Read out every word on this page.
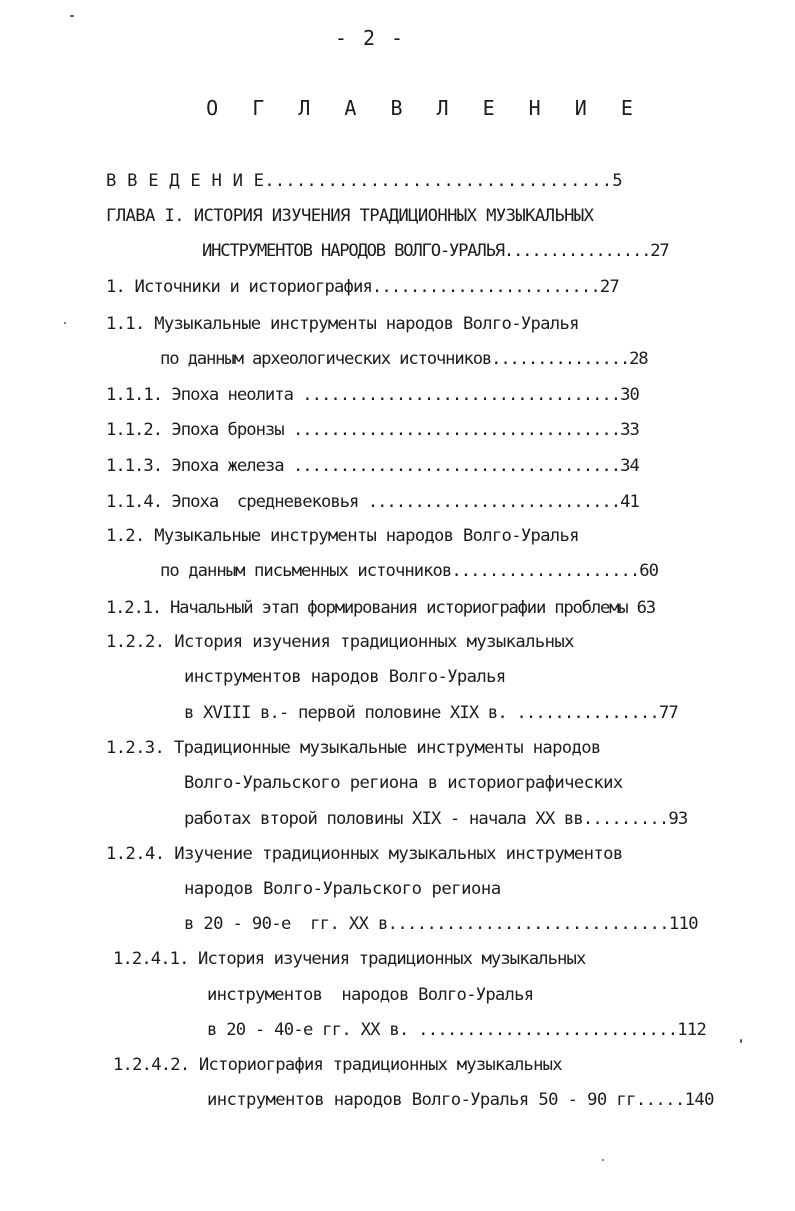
- 2 -
О Г Л А В Л Е Н И Е
В В Е Д Е Н И Е.................................5
ГЛАВА I. ИСТОРИЯ ИЗУЧЕНИЯ ТРАДИЦИОННЫХ МУЗЫКАЛЬНЫХ
ИНСТРУМЕНТОВ НАРОДОВ ВОЛГО-УРАЛЬЯ................27
1. Источники и историография........................27
1.1. Музыкальные инструменты народов Волго-Уралья
по данным археологических источников...............28
1.1.1. Эпоха неолита ..................................30
1.1.2. Эпоха бронзы ...................................33
1.1.3. Эпоха железа ...................................34
1.1.4. Эпоха  средневековья ...........................41
1.2. Музыкальные инструменты народов Волго-Уралья
по данным письменных источников....................60
1.2.1. Начальный этап формирования историографии проблемы 63
1.2.2. История изучения традиционных музыкальных
инструментов народов Волго-Уралья
в XVIII в.- первой половине XIX в. ...............77
1.2.3. Традиционные музыкальные инструменты народов
Волго-Уральского региона в историографических
работах второй половины XIX - начала XX вв.........93
1.2.4. Изучение традиционных музыкальных инструментов
народов Волго-Уральского региона
в 20 - 90-е  гг. XX в.............................110
1.2.4.1. История изучения традиционных музыкальных
инструментов  народов Волго-Уралья
в 20 - 40-е гг. XX в. ...........................112
1.2.4.2. Историография традиционных музыкальных
инструментов народов Волго-Уралья 50 - 90 гг.....140
